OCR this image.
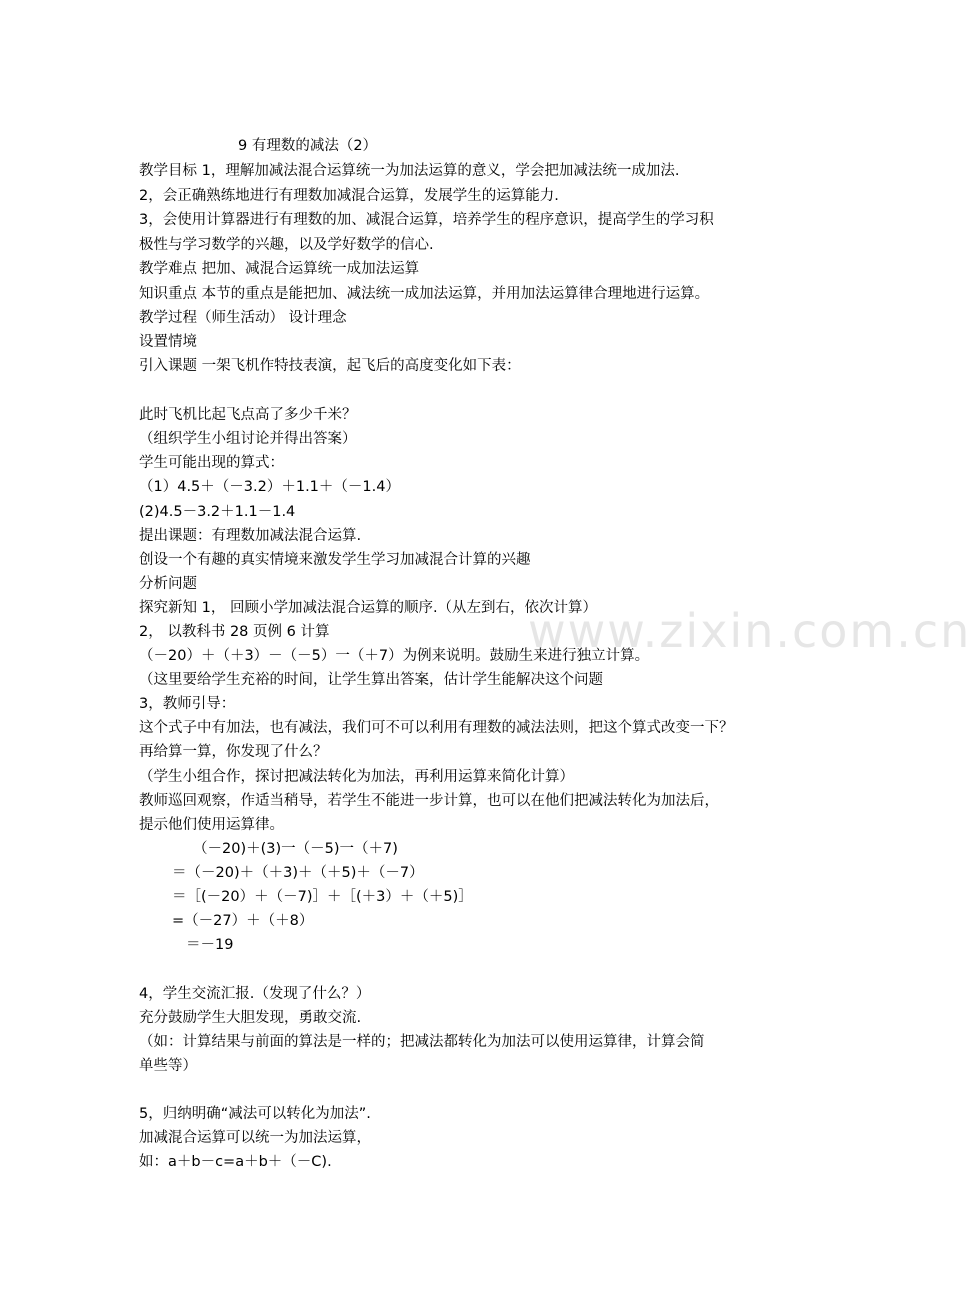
www.zixin.com.cn
9 有理数的减法（2）
教学目标 1，理解加减法混合运算统一为加法运算的意义，学会把加减法统一成加法.
2，会正确熟练地进行有理数加减混合运算，发展学生的运算能力.
3，会使用计算器进行有理数的加、减混合运算，培养学生的程序意识，提高学生的学习积
极性与学习数学的兴趣，以及学好数学的信心.
教学难点 把加、减混合运算统一成加法运算
知识重点 本节的重点是能把加、减法统一成加法运算，并用加法运算律合理地进行运算。
教学过程（师生活动） 设计理念
设置情境
引入课题 一架飞机作特技表演，起飞后的高度变化如下表：
此时飞机比起飞点高了多少千米？
（组织学生小组讨论并得出答案）
学生可能出现的算式：
（1）4.5＋（－3.2）＋1.1＋（－1.4）
(2)4.5－3.2＋1.1－1.4
提出课题：有理数加减法混合运算.
创设一个有趣的真实情境来激发学生学习加减混合计算的兴趣
分析问题
探究新知 1， 回顾小学加减法混合运算的顺序.（从左到右，依次计算）
2， 以教科书 28 页例 6 计算
（－20）＋（＋3）－（－5）一（＋7）为例来说明。鼓励生来进行独立计算。
（这里要给学生充裕的时间，让学生算出答案，估计学生能解决这个问题
3，教师引导：
这个式子中有加法，也有减法，我们可不可以利用有理数的减法法则，把这个算式改变一下？
再给算一算，你发现了什么？
（学生小组合作，探讨把减法转化为加法，再利用运算来简化计算）
教师巡回观察，作适当稍导，若学生不能进一步计算，也可以在他们把减法转化为加法后，
提示他们使用运算律。
（－20)＋(3)一（－5)一（＋7)
＝（－20)＋（＋3)＋（＋5)＋（－7）
＝［(－20）＋（－7)］＋［(＋3）＋（＋5)］
=（－27）＋（＋8）
＝－19
4，学生交流汇报.（发现了什么？）
充分鼓励学生大胆发现，勇敢交流.
（如：计算结果与前面的算法是一样的；把减法都转化为加法可以使用运算律，计算会简
单些等）
5，归纳明确“减法可以转化为加法”.
加减混合运算可以统一为加法运算，
如：a＋b－c=a＋b＋（－C).
